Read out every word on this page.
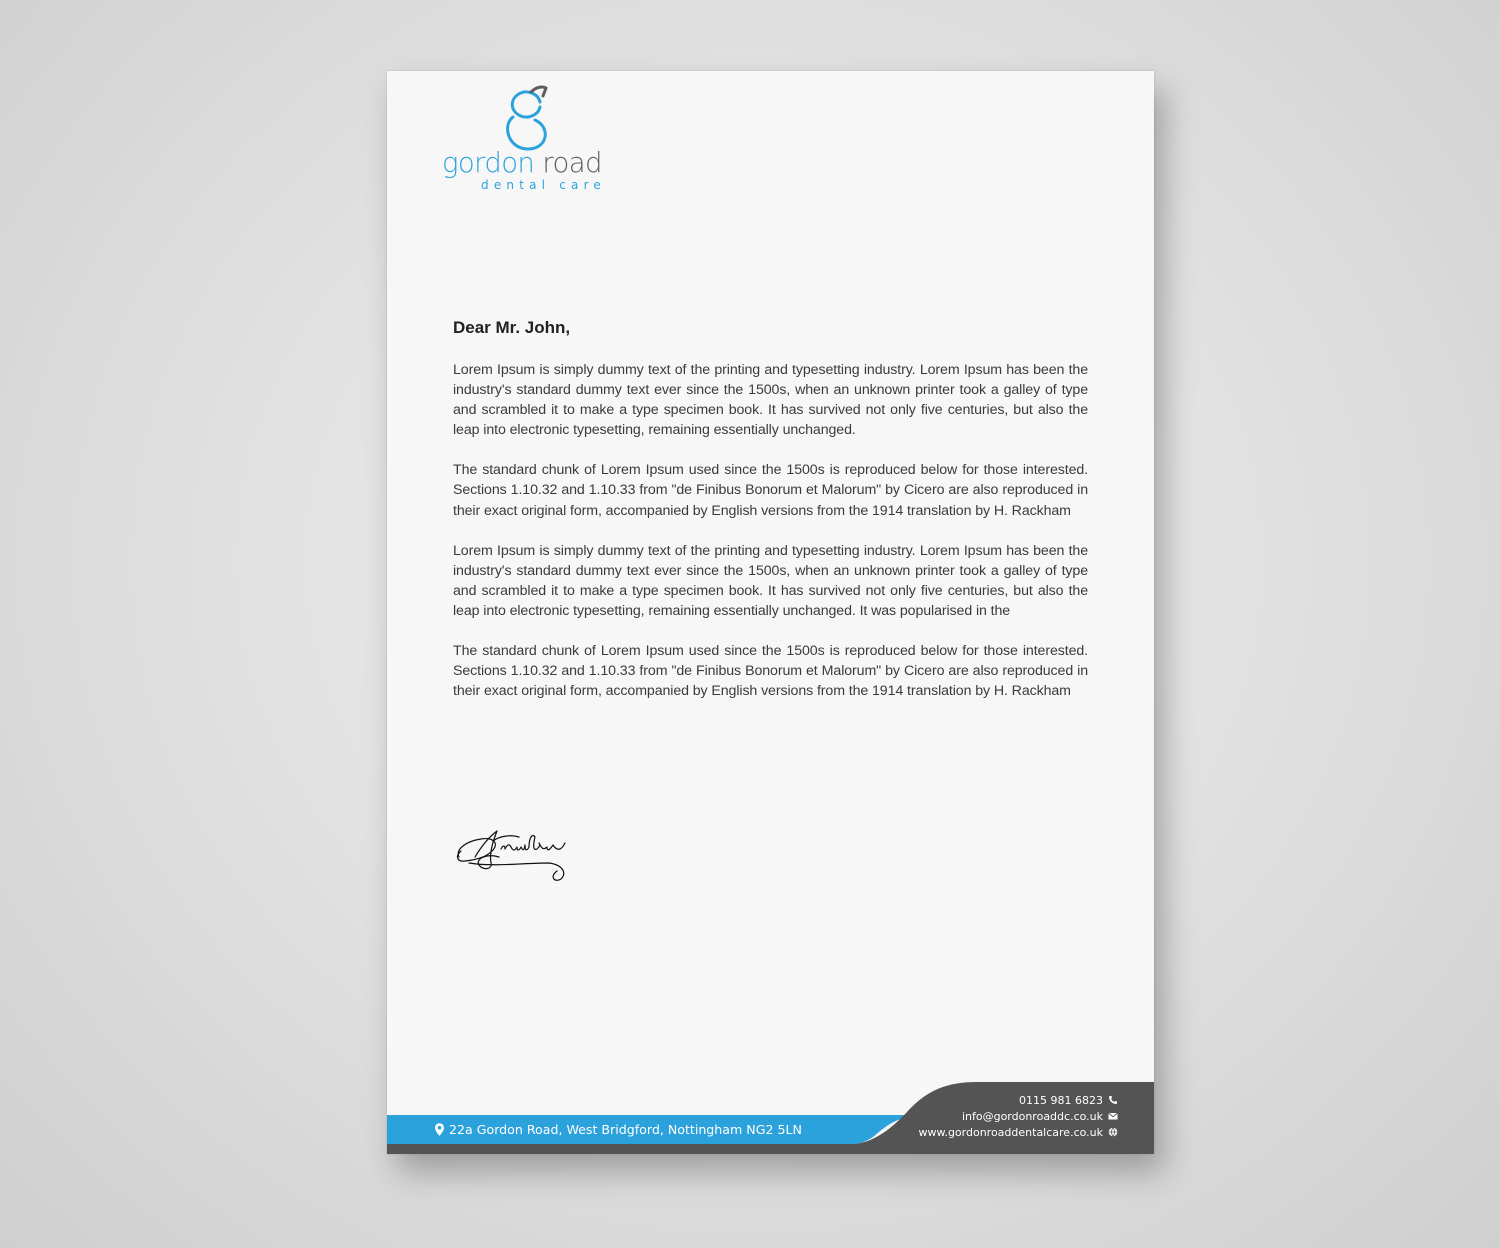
gordon road
dental care

Dear Mr. John,

Lorem Ipsum is simply dummy text of the printing and typesetting industry. Lorem Ipsum has been the industry's standard dummy text ever since the 1500s, when an unknown printer took a galley of type and scrambled it to make a type specimen book. It has survived not only five centuries, but also the leap into electronic typesetting, remaining essentially unchanged.

The standard chunk of Lorem Ipsum used since the 1500s is reproduced below for those interested. Sections 1.10.32 and 1.10.33 from "de Finibus Bonorum et Malorum" by Cicero are also reproduced in their exact original form, accompanied by English versions from the 1914 translation by H. Rackham

Lorem Ipsum is simply dummy text of the printing and typesetting industry. Lorem Ipsum has been the industry's standard dummy text ever since the 1500s, when an unknown printer took a galley of type and scrambled it to make a type specimen book. It has survived not only five centuries, but also the leap into electronic typesetting, remaining essentially unchanged. It was popularised in the

The standard chunk of Lorem Ipsum used since the 1500s is reproduced below for those interested. Sections 1.10.32 and 1.10.33 from "de Finibus Bonorum et Malorum" by Cicero are also reproduced in their exact original form, accompanied by English versions from the 1914 translation by H. Rackham

22a Gordon Road, West Bridgford, Nottingham NG2 5LN
0115 981 6823
info@gordonroaddc.co.uk
www.gordonroaddentalcare.co.uk
